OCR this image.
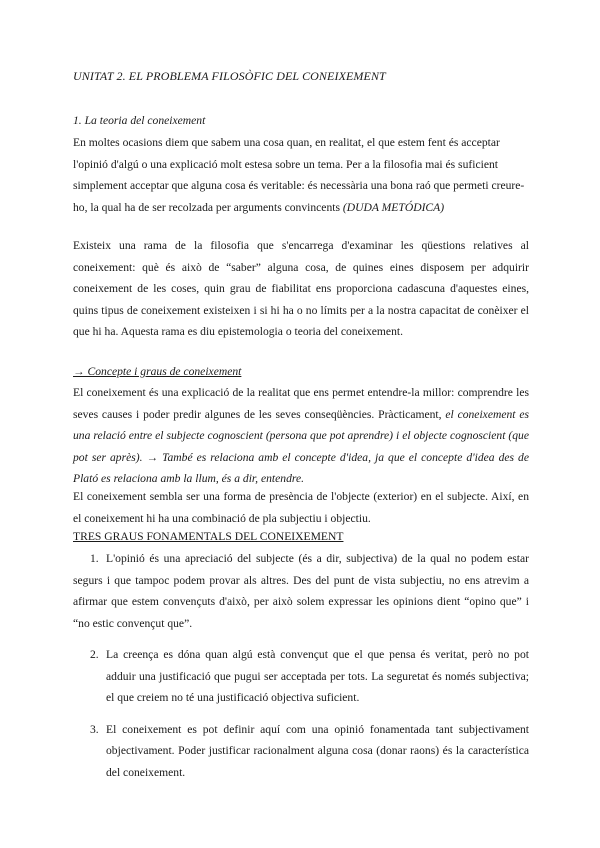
UNITAT 2. EL PROBLEMA FILOSÒFIC DEL CONEIXEMENT
1. La teoria del coneixement

En moltes ocasions diem que sabem una cosa quan, en realitat, el que estem fent és acceptar l'opinió d'algú o una explicació molt estesa sobre un tema. Per a la filosofia mai és suficient simplement acceptar que alguna cosa és veritable: és necessària una bona raó que permeti creure-ho, la qual ha de ser recolzada per arguments convincents (DUDA METÓDICA)

Existeix una rama de la filosofia que s'encarrega d'examinar les qüestions relatives al coneixement: què és això de “saber” alguna cosa, de quines eines disposem per adquirir coneixement de les coses, quin grau de fiabilitat ens proporciona cadascuna d'aquestes eines, quins tipus de coneixement existeixen i si hi ha o no límits per a la nostra capacitat de conèixer el que hi ha. Aquesta rama es diu epistemologia o teoria del coneixement.

→ Concepte i graus de coneixement

El coneixement és una explicació de la realitat que ens permet entendre-la millor: comprendre les seves causes i poder predir algunes de les seves conseqüències. Pràcticament, el coneixement es una relació entre el subjecte cognoscient (persona que pot aprendre) i el objecte cognoscient (que pot ser après). → També es relaciona amb el concepte d'idea, ja que el concepte d'idea des de Plató es relaciona amb la llum, és a dir, entendre.

El coneixement sembla ser una forma de presència de l'objecte (exterior) en el subjecte. Així, en el coneixement hi ha una combinació de pla subjectiu i objectiu.

TRES GRAUS FONAMENTALS DEL CONEIXEMENT
1. L'opinió és una apreciació del subjecte (és a dir, subjectiva) de la qual no podem estar segurs i que tampoc podem provar als altres. Des del punt de vista subjectiu, no ens atrevim a afirmar que estem convençuts d'això, per això solem expressar les opinions dient “opino que” i “no estic convençut que”.
2. La creença es dóna quan algú està convençut que el que pensa és veritat, però no pot adduir una justificació que pugui ser acceptada per tots. La seguretat és només subjectiva; el que creiem no té una justificació objectiva suficient.
3. El coneixement es pot definir aquí com una opinió fonamentada tant subjectivament objectivament. Poder justificar racionalment alguna cosa (donar raons) és la característica del coneixement.
